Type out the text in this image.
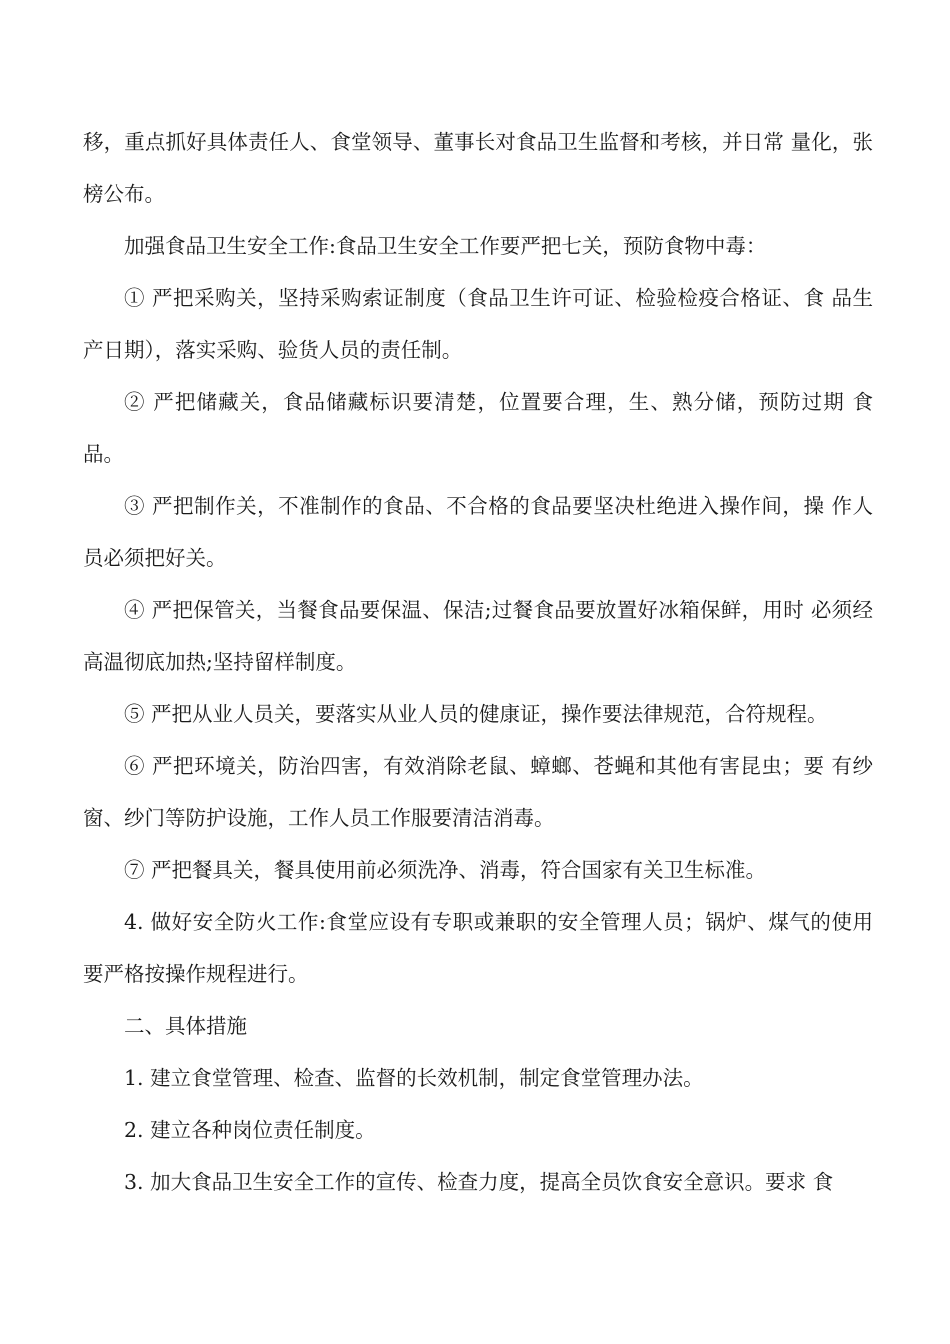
移，重点抓好具体责任人、食堂领导、董事长对食品卫生监督和考核，并日常 量化，张榜公布。

加强食品卫生安全工作:食品卫生安全工作要严把七关，预防食物中毒：

① 严把采购关，坚持采购索证制度（食品卫生许可证、检验检疫合格证、食 品生产日期），落实采购、验货人员的责任制。

② 严把储藏关，食品储藏标识要清楚，位置要合理，生、熟分储，预防过期 食品。

③ 严把制作关，不准制作的食品、不合格的食品要坚决杜绝进入操作间，操 作人员必须把好关。

④ 严把保管关，当餐食品要保温、保洁;过餐食品要放置好冰箱保鲜，用时 必须经高温彻底加热;坚持留样制度。

⑤ 严把从业人员关，要落实从业人员的健康证，操作要法律规范，合符规程。

⑥ 严把环境关，防治四害，有效消除老鼠、蟑螂、苍蝇和其他有害昆虫；要 有纱窗、纱门等防护设施，工作人员工作服要清洁消毒。

⑦ 严把餐具关，餐具使用前必须洗净、消毒，符合国家有关卫生标准。

4. 做好安全防火工作:食堂应设有专职或兼职的安全管理人员；锅炉、煤气的使用要严格按操作规程进行。

二、具体措施

1. 建立食堂管理、检查、监督的长效机制，制定食堂管理办法。

2. 建立各种岗位责任制度。

3. 加大食品卫生安全工作的宣传、检查力度，提高全员饮食安全意识。要求 食
